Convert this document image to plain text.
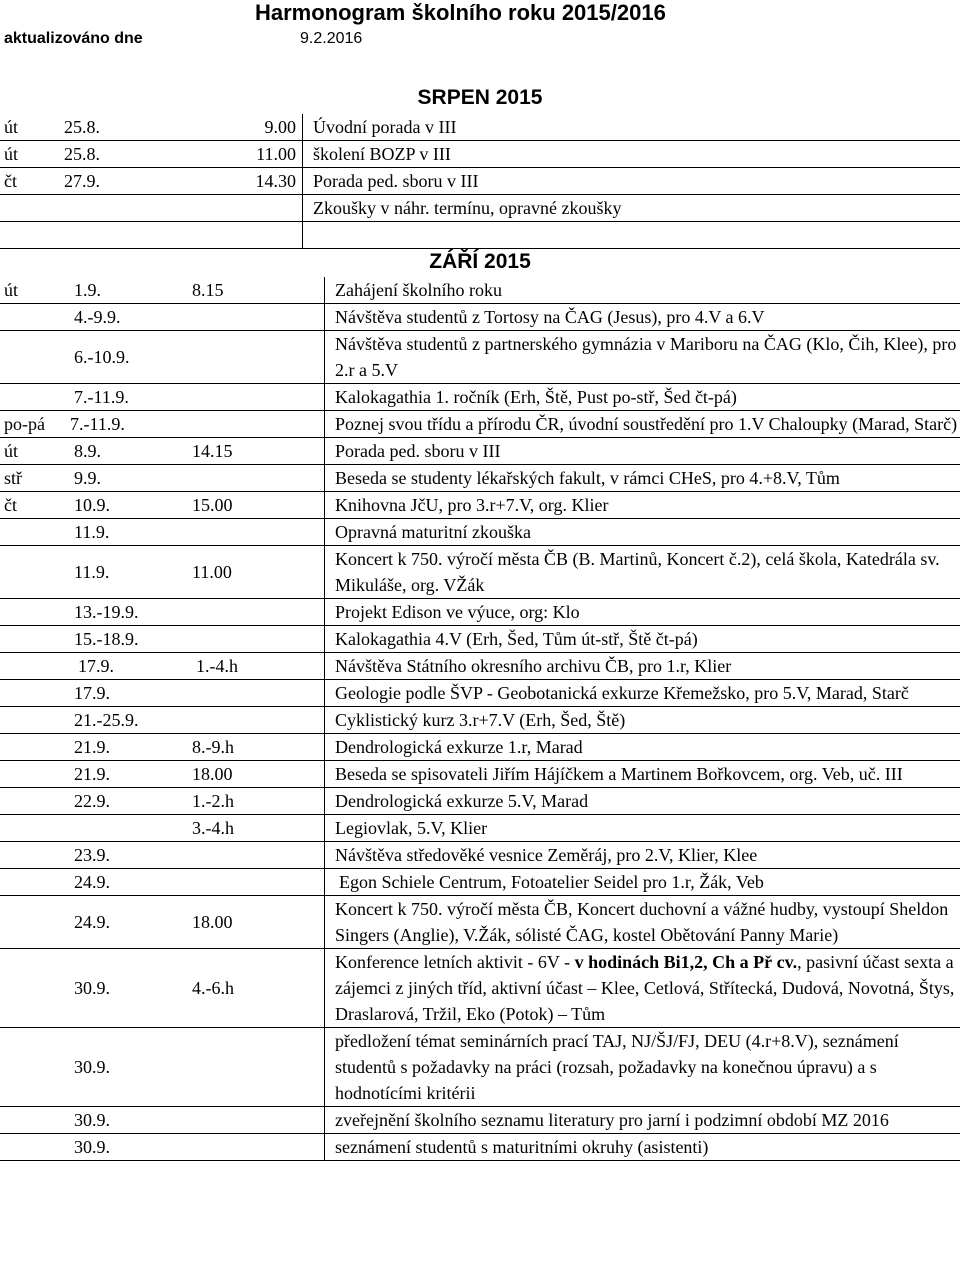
Harmonogram školního roku 2015/2016
aktualizováno dne	9.2.2016
SRPEN 2015
út	25.8.	9.00	Úvodní porada v III
út	25.8.	11.00	školení BOZP v III
čt	27.9.	14.30	Porada ped. sboru v III
			Zkoušky v náhr. termínu, opravné zkoušky

ZÁŘÍ 2015
út	1.9.	8.15	Zahájení školního roku
	4.-9.9.		Návštěva studentů z Tortosy na ČAG (Jesus), pro 4.V a 6.V
	6.-10.9.		Návštěva studentů z partnerského gymnázia v Mariboru na ČAG (Klo, Čih, Klee), pro 2.r a 5.V
	7.-11.9.		Kalokagathia 1. ročník (Erh, Ště, Pust po-stř, Šed čt-pá)
po-pá	7.-11.9.		Poznej svou třídu a přírodu ČR, úvodní soustředění pro 1.V Chaloupky (Marad, Starč)
út	8.9.	14.15	Porada ped. sboru v III
stř	9.9.		Beseda se studenty lékařských fakult, v rámci CHeS, pro 4.+8.V, Tům
čt	10.9.	15.00	Knihovna JčU, pro 3.r+7.V, org. Klier
	11.9.		Opravná maturitní zkouška
	11.9.	11.00	Koncert k 750. výročí města ČB (B. Martinů, Koncert č.2), celá škola, Katedrála sv. Mikuláše, org. VŽák
	13.-19.9.		Projekt Edison ve výuce, org: Klo
	15.-18.9.		Kalokagathia 4.V (Erh, Šed, Tům út-stř, Ště čt-pá)
	17.9.	1.-4.h	Návštěva Státního okresního archivu ČB, pro 1.r, Klier
	17.9.		Geologie podle ŠVP - Geobotanická exkurze Křemežsko, pro 5.V, Marad, Starč
	21.-25.9.		Cyklistický kurz 3.r+7.V (Erh, Šed, Ště)
	21.9.	8.-9.h	Dendrologická exkurze 1.r, Marad
	21.9.	18.00	Beseda se spisovateli Jiřím Hájíčkem a Martinem Bořkovcem, org. Veb, uč. III
	22.9.	1.-2.h	Dendrologická exkurze 5.V, Marad
		3.-4.h	Legiovlak, 5.V, Klier
	23.9.		Návštěva středověké vesnice Zeměráj, pro 2.V, Klier, Klee
	24.9.		Egon Schiele Centrum, Fotoatelier Seidel pro 1.r, Žák, Veb
	24.9.	18.00	Koncert k 750. výročí města ČB, Koncert duchovní a vážné hudby, vystoupí Sheldon Singers (Anglie), V.Žák, sólisté ČAG, kostel Obětování Panny Marie)
	30.9.	4.-6.h	Konference letních aktivit - 6V - v hodinách Bi1,2, Ch a Př cv., pasivní účast sexta a zájemci z jiných tříd, aktivní účast – Klee, Cetlová, Střítecká, Dudová, Novotná, Štys, Draslarová, Tržil, Eko (Potok) – Tům
	30.9.		předložení témat seminárních prací TAJ, NJ/ŠJ/FJ, DEU (4.r+8.V), seznámení studentů s požadavky na práci (rozsah, požadavky na konečnou úpravu) a s hodnotícími kritérii
	30.9.		zveřejnění školního seznamu literatury pro jarní i podzimní období MZ 2016
	30.9.		seznámení studentů s maturitními okruhy (asistenti)
